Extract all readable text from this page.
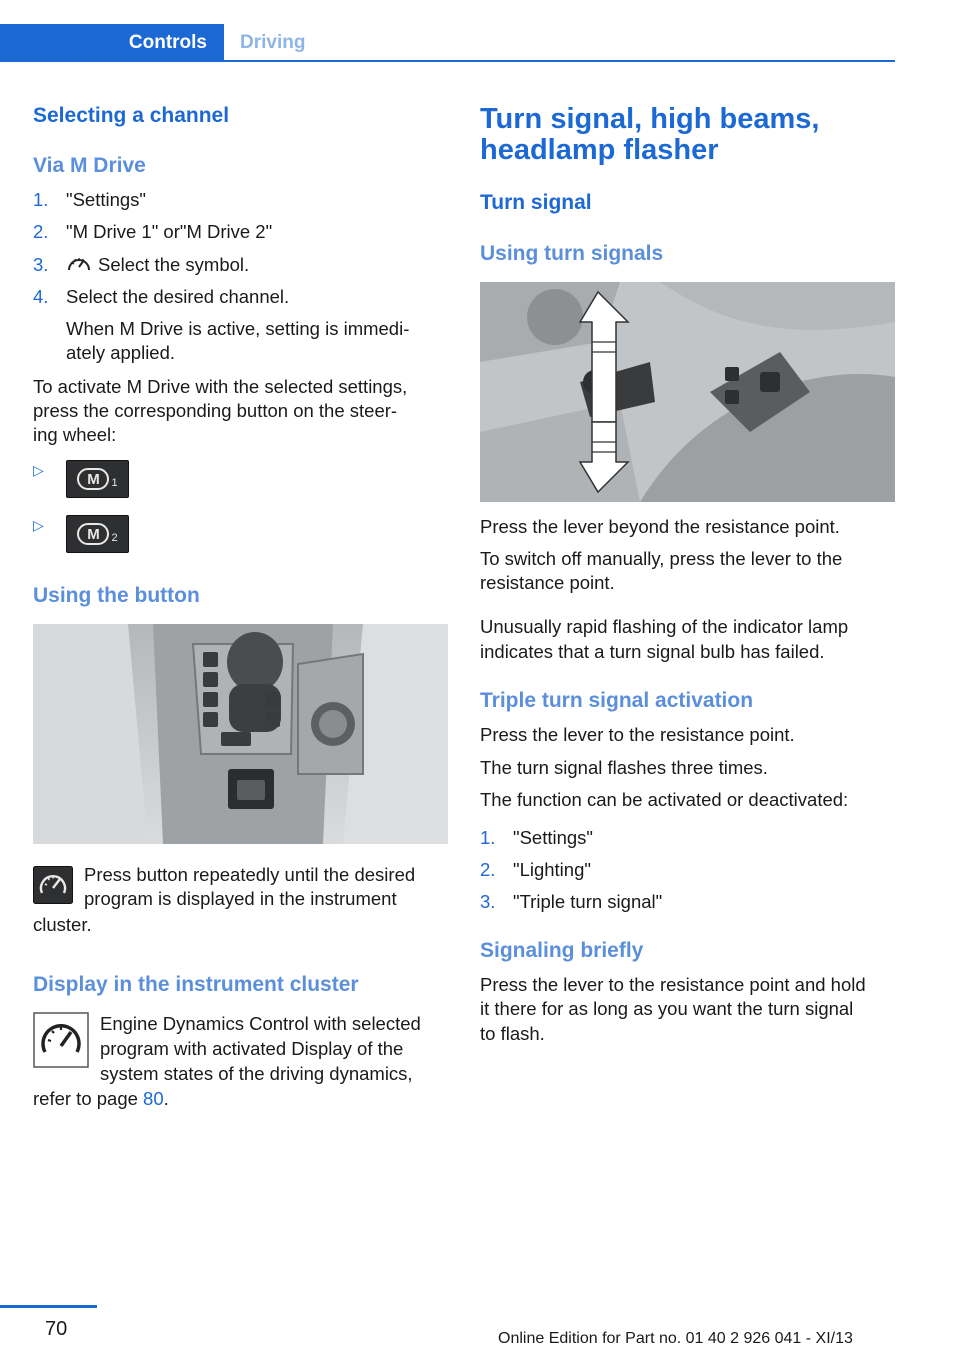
Controls	Driving
Selecting a channel
Via M Drive
1. "Settings"
2. "M Drive 1" or"M Drive 2"
3.	Select the symbol.
4. Select the desired channel.
When M Drive is active, setting is immedi-
ately applied.
To activate M Drive with the selected settings,
press the corresponding button on the steer-
ing wheel:
▷
M	1
▷
M	2
Using the button
Press button repeatedly until the desired
program is displayed in the instrument
cluster.
Display in the instrument cluster
Engine Dynamics Control with selected
program with activated Display of the
system states of the driving dynamics,
refer to page 80.
Turn signal, high beams,
headlamp flasher
Turn signal
Using turn signals
Press the lever beyond the resistance point.
To switch off manually, press the lever to the
resistance point.
Unusually rapid flashing of the indicator lamp
indicates that a turn signal bulb has failed.
Triple turn signal activation
Press the lever to the resistance point.
The turn signal flashes three times.
The function can be activated or deactivated:
1. "Settings"
2. "Lighting"
3. "Triple turn signal"
Signaling briefly
Press the lever to the resistance point and hold
it there for as long as you want the turn signal
to flash.
70	Online Edition for Part no. 01 40 2 926 041 - XI/13
